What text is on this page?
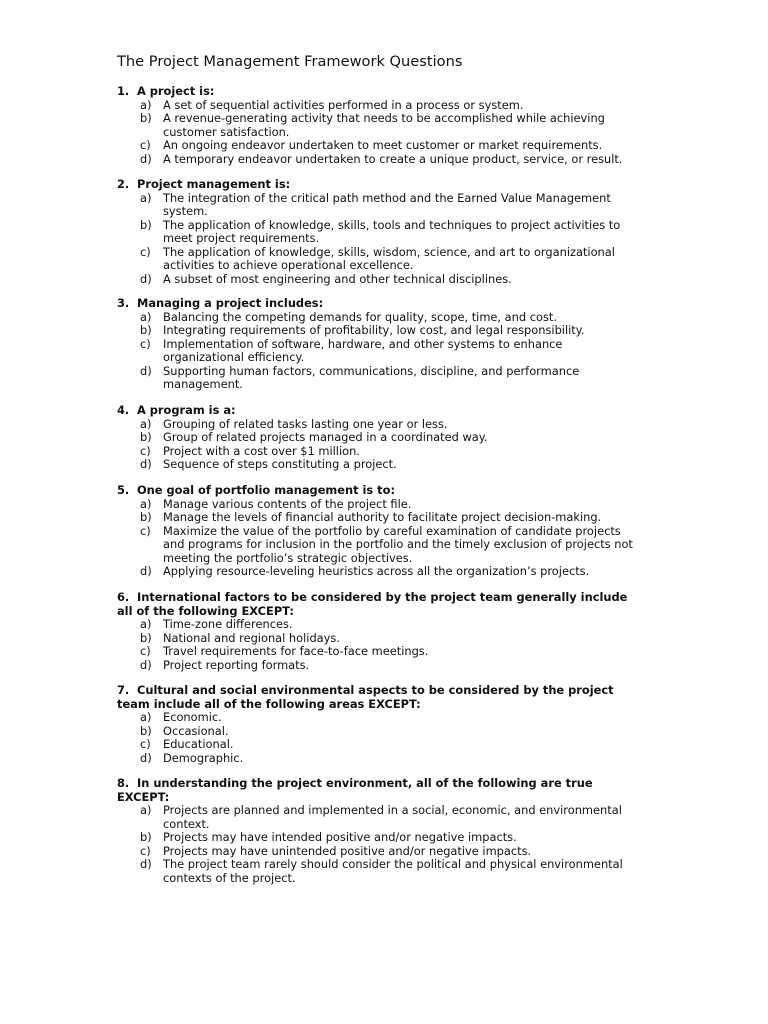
The Project Management Framework Questions

1. A project is:

a) A set of sequential activities performed in a process or system.
b) A revenue-generating activity that needs to be accomplished while achieving
customer satisfaction.
c) An ongoing endeavor undertaken to meet customer or market requirements.
d) A temporary endeavor undertaken to create a unique product, service, or result.

2. Project management is:

a) The integration of the critical path method and the Earned Value Management
system.
b) The application of knowledge, skills, tools and techniques to project activities to
meet project requirements.
c) The application of knowledge, skills, wisdom, science, and art to organizational
activities to achieve operational excellence.
d) A subset of most engineering and other technical disciplines.

3. Managing a project includes:

a) Balancing the competing demands for quality, scope, time, and cost.
b) Integrating requirements of profitability, low cost, and legal responsibility.
c) Implementation of software, hardware, and other systems to enhance
organizational efficiency.
d) Supporting human factors, communications, discipline, and performance
management.

4. A program is a:

a) Grouping of related tasks lasting one year or less.
b) Group of related projects managed in a coordinated way.
c) Project with a cost over $1 million.
d) Sequence of steps constituting a project.

5. One goal of portfolio management is to:

a) Manage various contents of the project file.
b) Manage the levels of financial authority to facilitate project decision-making.
c) Maximize the value of the portfolio by careful examination of candidate projects
and programs for inclusion in the portfolio and the timely exclusion of projects not
meeting the portfolio’s strategic objectives.
d) Applying resource-leveling heuristics across all the organization’s projects.

6. International factors to be considered by the project team generally include
all of the following EXCEPT:

a) Time-zone differences.
b) National and regional holidays.
c) Travel requirements for face-to-face meetings.
d) Project reporting formats.

7. Cultural and social environmental aspects to be considered by the project
team include all of the following areas EXCEPT:

a) Economic.
b) Occasional.
c) Educational.
d) Demographic.

8. In understanding the project environment, all of the following are true
EXCEPT:

a) Projects are planned and implemented in a social, economic, and environmental
context.
b) Projects may have intended positive and/or negative impacts.
c) Projects may have unintended positive and/or negative impacts.
d) The project team rarely should consider the political and physical environmental
contexts of the project.
